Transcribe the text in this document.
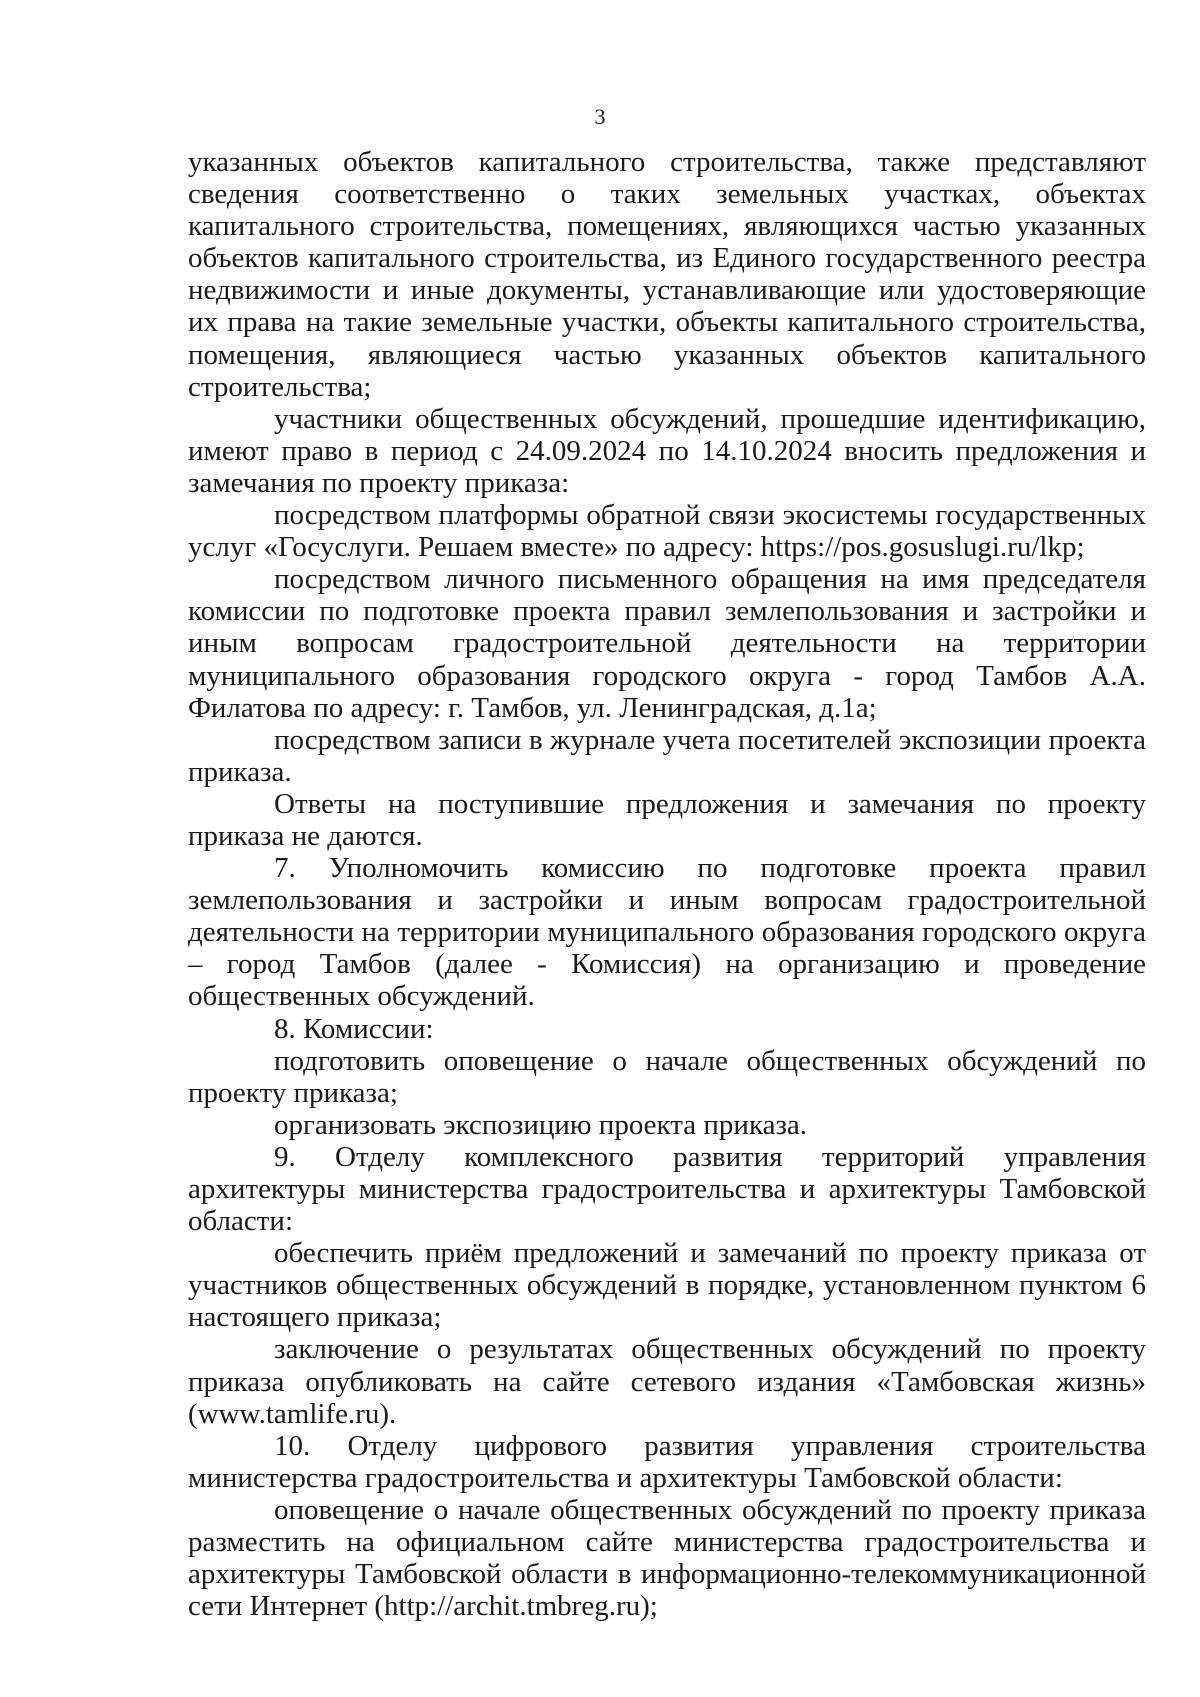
3

указанных объектов капитального строительства, также представляют сведения соответственно о таких земельных участках, объектах капитального строительства, помещениях, являющихся частью указанных объектов капитального строительства, из Единого государственного реестра недвижимости и иные документы, устанавливающие или удостоверяющие их права на такие земельные участки, объекты капитального строительства, помещения, являющиеся частью указанных объектов капитального строительства;

участники общественных обсуждений, прошедшие идентификацию, имеют право в период с 24.09.2024 по 14.10.2024 вносить предложения и замечания по проекту приказа:

посредством платформы обратной связи экосистемы государственных услуг «Госуслуги. Решаем вместе» по адресу: https://pos.gosuslugi.ru/lkp;

посредством личного письменного обращения на имя председателя комиссии по подготовке проекта правил землепользования и застройки и иным вопросам градостроительной деятельности на территории муниципального образования городского округа - город Тамбов А.А. Филатова по адресу: г. Тамбов, ул. Ленинградская, д.1а;

посредством записи в журнале учета посетителей экспозиции проекта приказа.

Ответы на поступившие предложения и замечания по проекту приказа не даются.

7. Уполномочить комиссию по подготовке проекта правил землепользования и застройки и иным вопросам градостроительной деятельности на территории муниципального образования городского округа – город Тамбов (далее - Комиссия) на организацию и проведение общественных обсуждений.

8. Комиссии:

подготовить оповещение о начале общественных обсуждений по проекту приказа;

организовать экспозицию проекта приказа.

9. Отделу комплексного развития территорий управления архитектуры министерства градостроительства и архитектуры Тамбовской области:

обеспечить приём предложений и замечаний по проекту приказа от участников общественных обсуждений в порядке, установленном пунктом 6 настоящего приказа;

заключение о результатах общественных обсуждений по проекту приказа опубликовать на сайте сетевого издания «Тамбовская жизнь» (www.tamlife.ru).

10. Отделу цифрового развития управления строительства министерства градостроительства и архитектуры Тамбовской области:

оповещение о начале общественных обсуждений по проекту приказа разместить на официальном сайте министерства градостроительства и архитектуры Тамбовской области в информационно-телекоммуникационной сети Интернет (http://archit.tmbreg.ru);
